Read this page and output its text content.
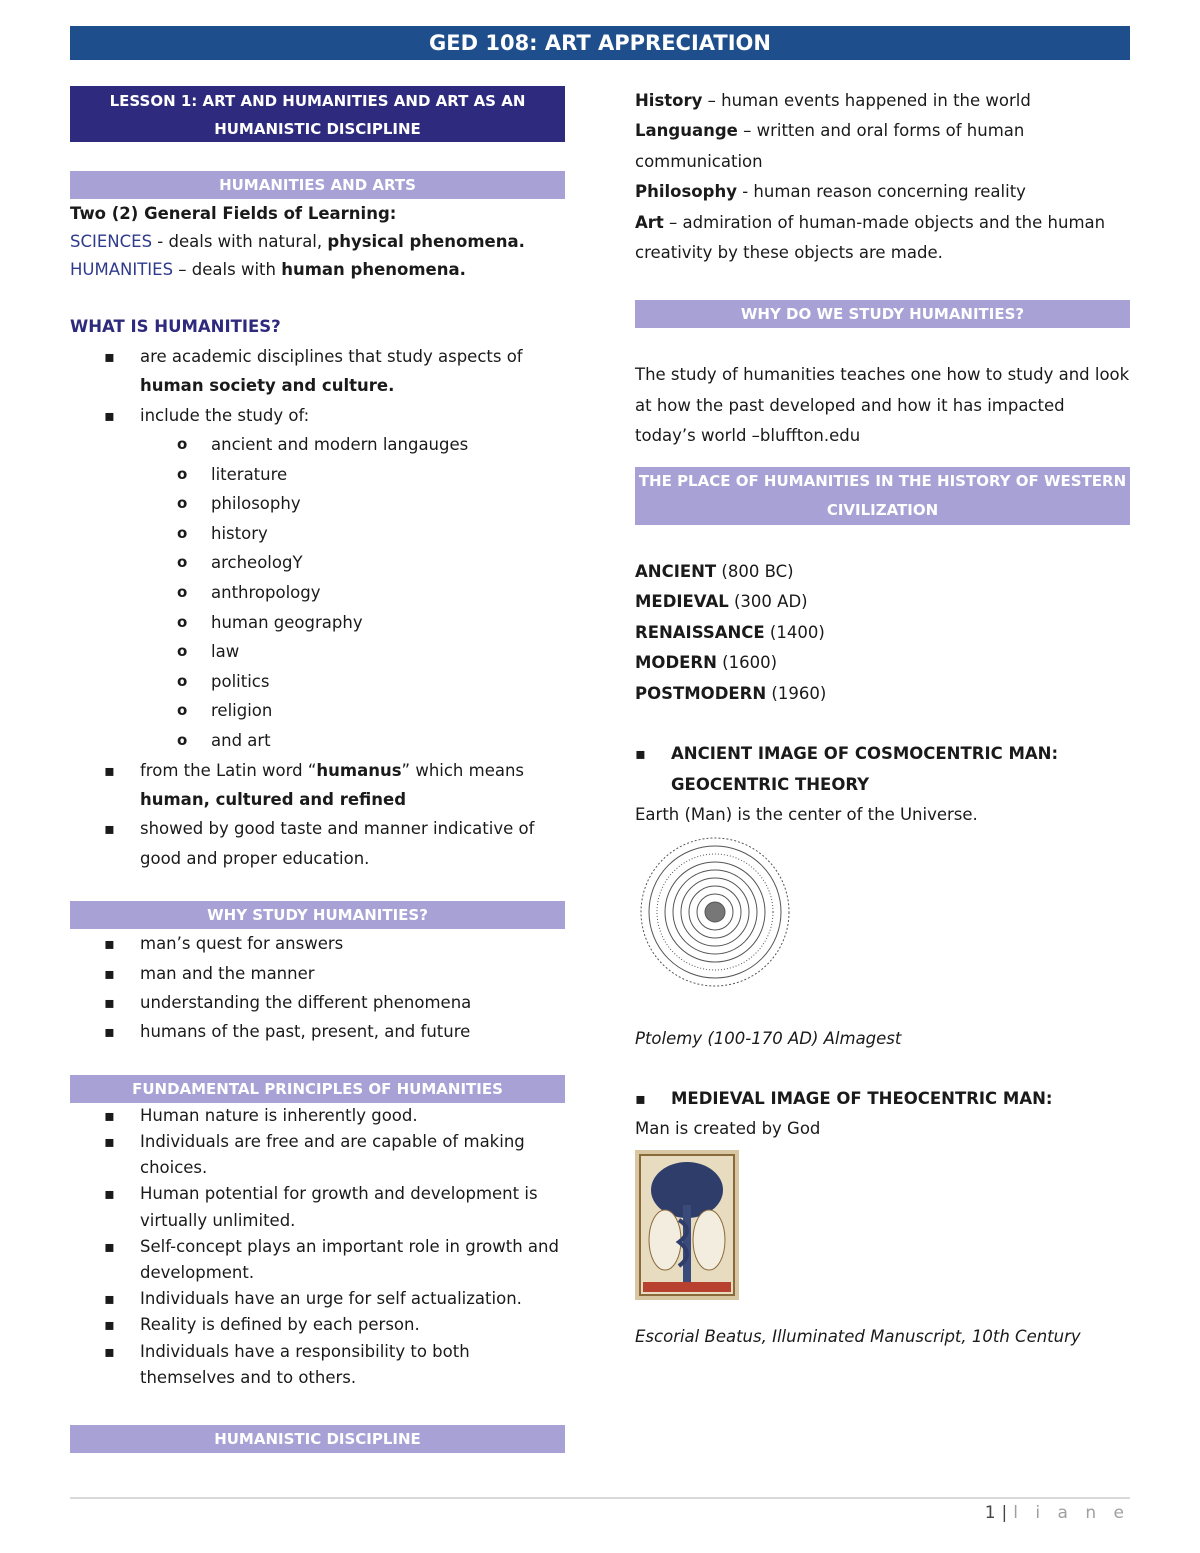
GED 108: ART APPRECIATION
LESSON 1: ART AND HUMANITIES AND ART AS AN HUMANISTIC DISCIPLINE
HUMANITIES AND ARTS

Two (2) General Fields of Learning:

SCIENCES - deals with natural, physical phenomena.

HUMANITIES – deals with human phenomena.

WHAT IS HUMANITIES?

▪ are academic disciplines that study aspects of human society and culture.
▪ include the study of:
o ancient and modern langauges
o literature
o philosophy
o history
o archeologY
o anthropology
o human geography
o law
o politics
o religion
o and art
▪ from the Latin word “humanus” which means human, cultured and refined
▪ showed by good taste and manner indicative of good and proper education.
WHY STUDY HUMANITIES?
▪ man’s quest for answers
▪ man and the manner
▪ understanding the different phenomena
▪ humans of the past, present, and future
FUNDAMENTAL PRINCIPLES OF HUMANITIES
▪ Human nature is inherently good.
▪ Individuals are free and are capable of making choices.
▪ Human potential for growth and development is virtually unlimited.
▪ Self-concept plays an important role in growth and development.
▪ Individuals have an urge for self actualization.
▪ Reality is defined by each person.
▪ Individuals have a responsibility to both themselves and to others.
HUMANISTIC DISCIPLINE

History – human events happened in the world

Languange – written and oral forms of human communication

Philosophy - human reason concerning reality

Art – admiration of human-made objects and the human creativity by these objects are made.

WHY DO WE STUDY HUMANITIES?

The study of humanities teaches one how to study and look at how the past developed and how it has impacted today’s world –bluffton.edu

THE PLACE OF HUMANITIES IN THE HISTORY OF WESTERN CIVILIZATION

ANCIENT (800 BC)

MEDIEVAL (300 AD)

RENAISSANCE (1400)

MODERN (1600)

POSTMODERN (1960)

▪ ANCIENT IMAGE OF COSMOCENTRIC MAN: GEOCENTRIC THEORY

Earth (Man) is the center of the Universe.

Ptolemy (100-170 AD) Almagest

▪ MEDIEVAL IMAGE OF THEOCENTRIC MAN:

Man is created by God

Escorial Beatus, Illuminated Manuscript, 10th Century

1 | l i a n e
